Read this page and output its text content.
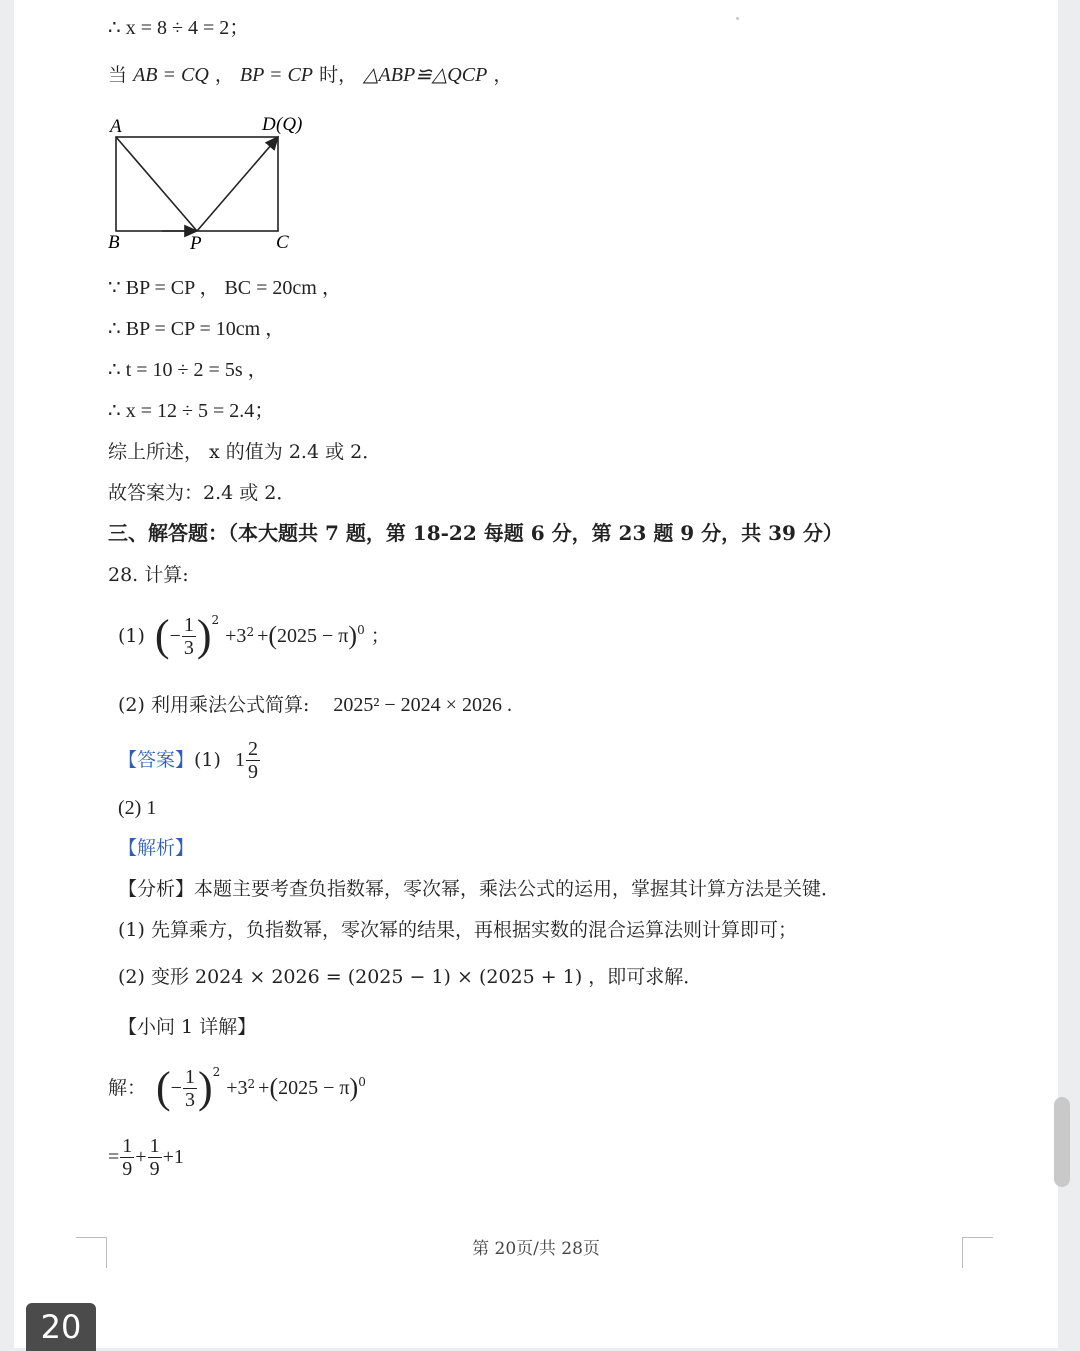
∴ x = 8 ÷ 4 = 2；
当 AB = CQ ， BP = CP 时， △ABP≌△QCP ，
A	D (Q)
B	P	C
∵ BP = CP ， BC = 20cm ，
∴ BP = CP = 10cm ，
∴ t = 10 ÷ 2 = 5s ，
∴ x = 12 ÷ 5 = 2.4；
综上所述， x 的值为 2.4 或 2．
故答案为：2.4 或 2．
三、解答题：（本大题共 7 题，第 18-22 每题 6 分，第 23 题 9 分，共 39 分）
28. 计算:
(1) ( − $\frac{1}{3} )^2$
+3 $^2$ + ( 2025 − π )$^0$ ；
(2) 利用乘法公式简算: 2025² − 2024 × 2026 .
【答案】 (1) $1 \frac{2}{9}$
(2) 1
【解析】
【分析】本题主要考查负指数幂，零次幂，乘法公式的运用，掌握其计算方法是关键．
(1) 先算乘方，负指数幂，零次幂的结果，再根据实数的混合运算法则计算即可；
(2) 变形 2024 × 2026 = (2025 − 1) × (2025 + 1) ，即可求解．
【小问 1 详解】
解： ( − $\frac{1}{3} )^2$
+3 $^2$ + ( 2025 − π )$^0$
= $\frac{1}{9} + \frac{1}{9} +1$
第 20页/共 28页
20
